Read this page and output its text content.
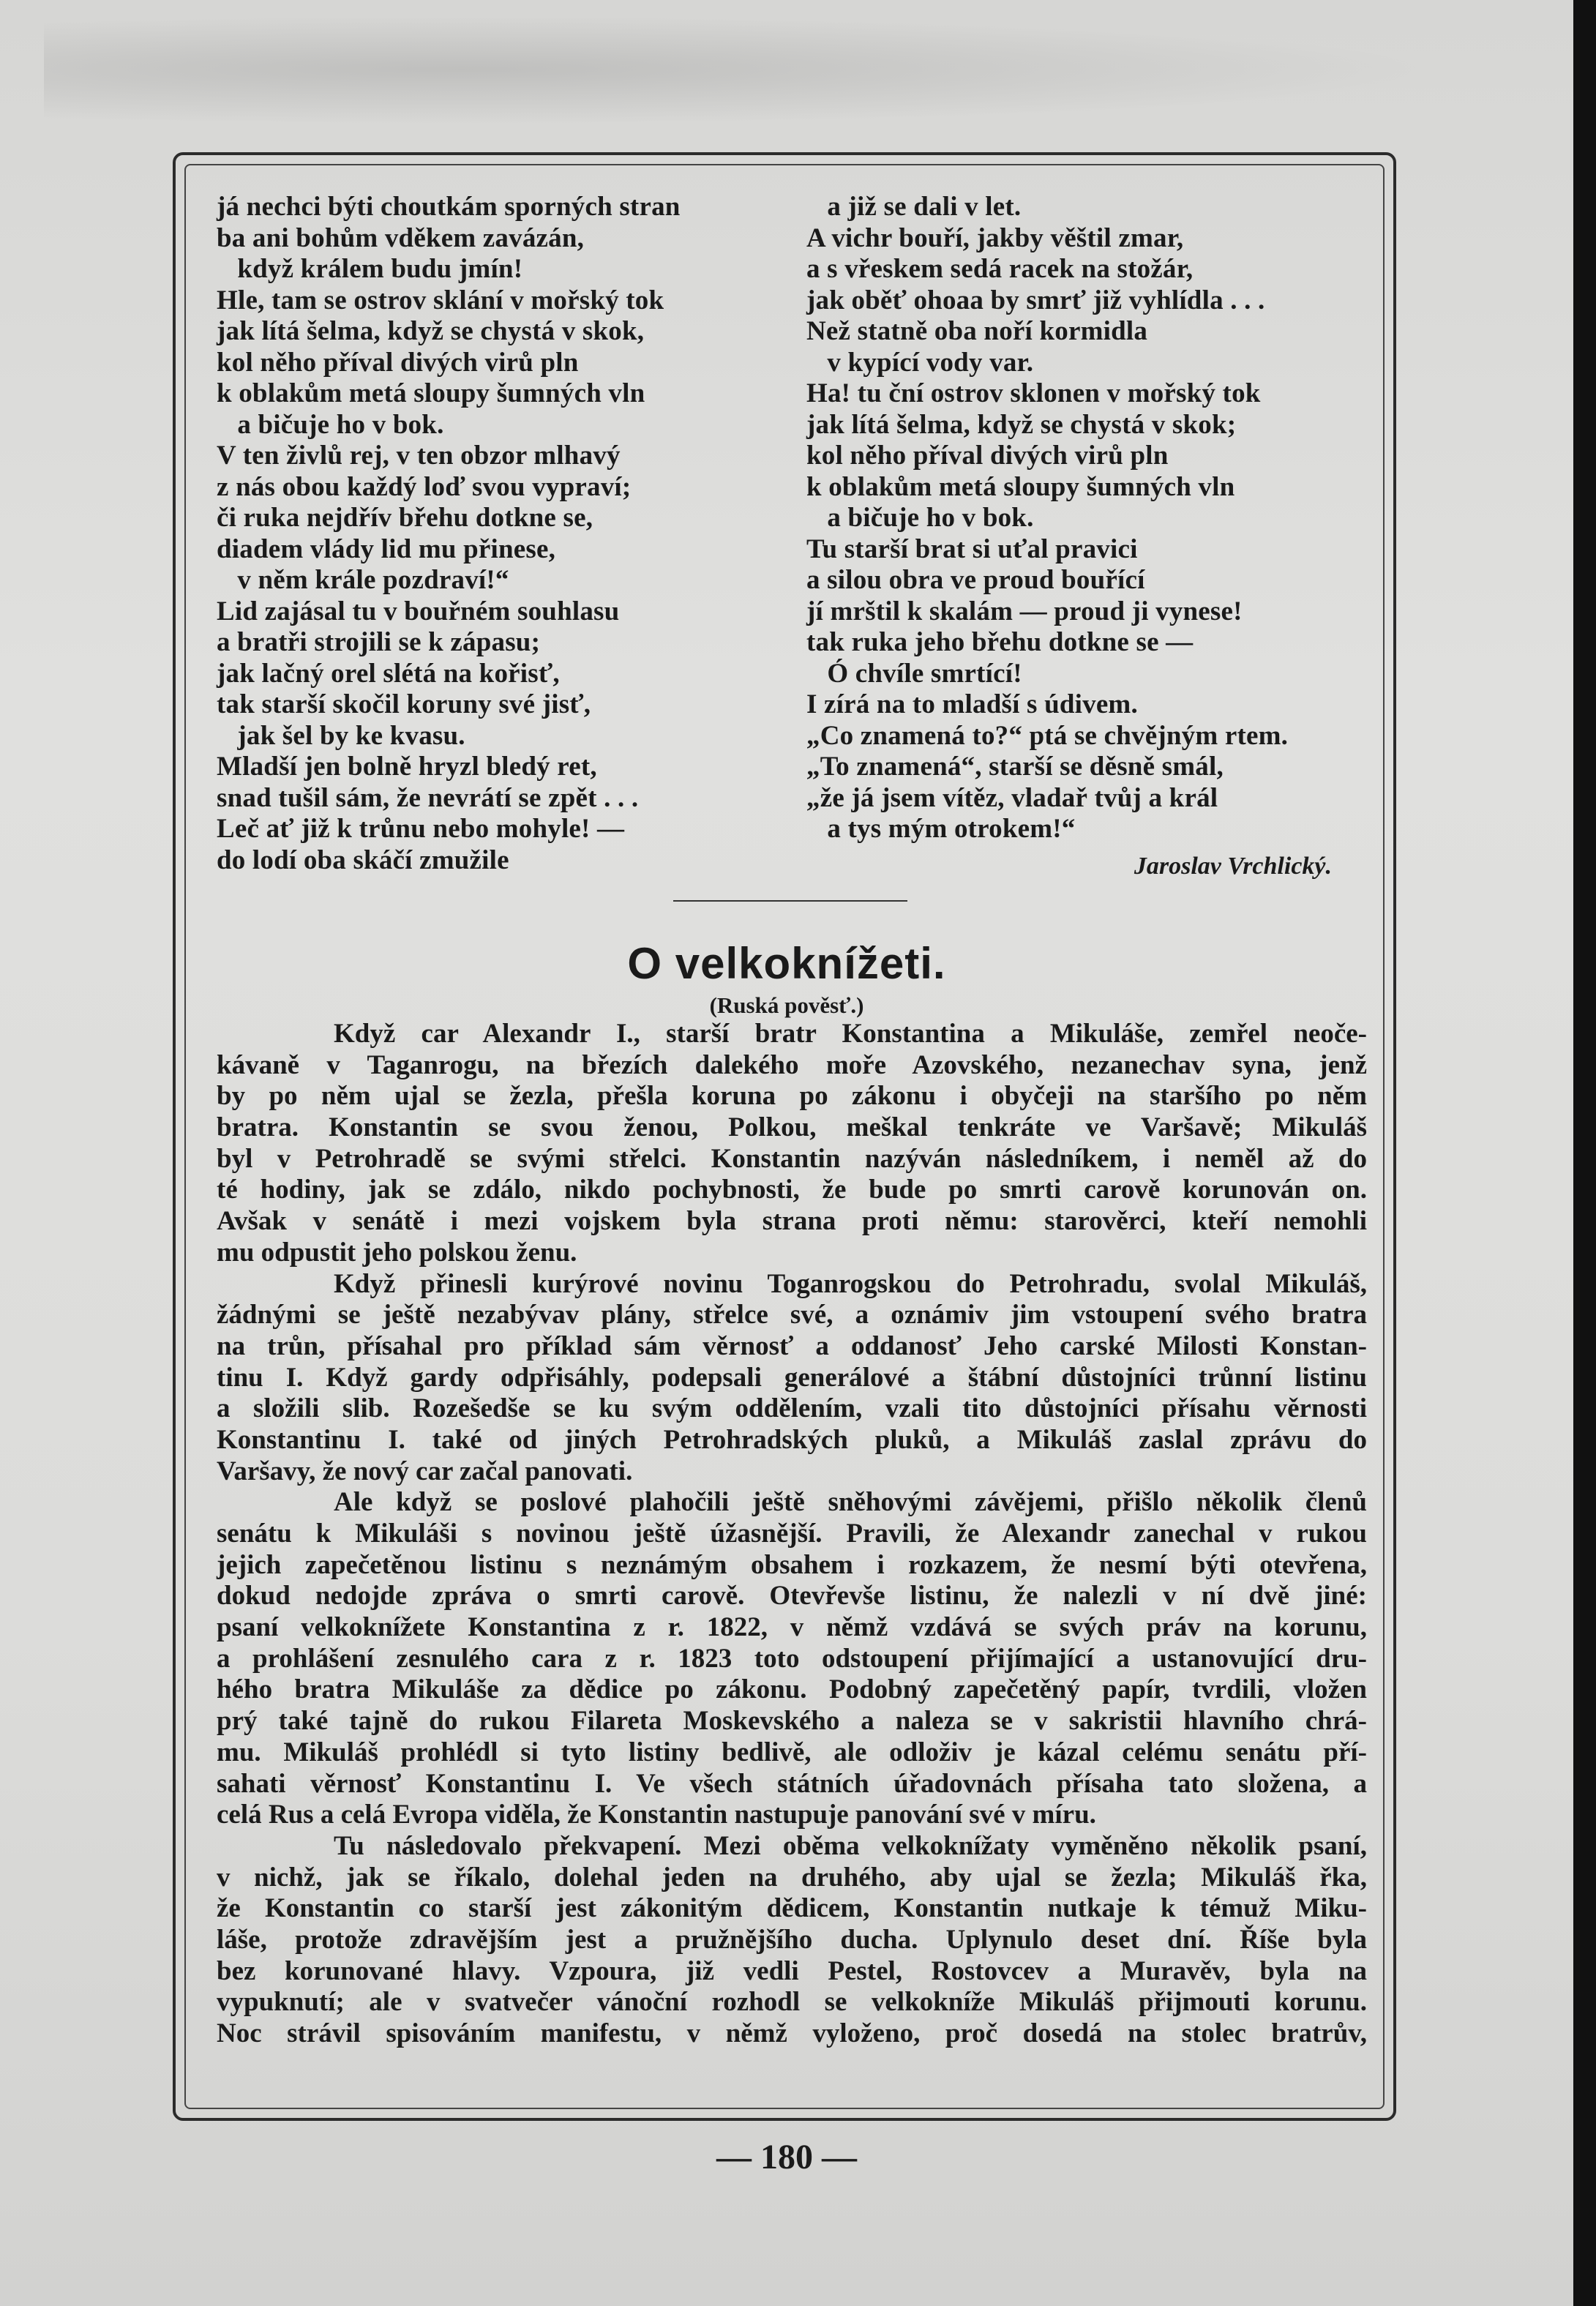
já nechci býti choutkám sporných stran
ba ani bohům vděkem zavázán,
když králem budu jmín!
Hle, tam se ostrov sklání v mořský tok
jak lítá šelma, když se chystá v skok,
kol něho příval divých virů pln
k oblakům metá sloupy šumných vln
a bičuje ho v bok.
V ten živlů rej, v ten obzor mlhavý
z nás obou každý loď svou vypraví;
či ruka nejdřív břehu dotkne se,
diadem vlády lid mu přinese,
v něm krále pozdraví!“
Lid zajásal tu v bouřném souhlasu
a bratři strojili se k zápasu;
jak lačný orel slétá na kořisť,
tak starší skočil koruny své jisť,
jak šel by ke kvasu.
Mladší jen bolně hryzl bledý ret,
snad tušil sám, že nevrátí se zpět . . .
Leč ať již k trůnu nebo mohyle! —
do lodí oba skáčí zmužile
a již se dali v let.
A vichr bouří, jakby věštil zmar,
a s vřeskem sedá racek na stožár,
jak oběť ohoaa by smrť již vyhlídla . . .
Než statně oba noří kormidla
v kypící vody var.
Ha! tu ční ostrov sklonen v mořský tok
jak lítá šelma, když se chystá v skok;
kol něho příval divých virů pln
k oblakům metá sloupy šumných vln
a bičuje ho v bok.
Tu starší brat si uťal pravici
a silou obra ve proud bouřící
jí mrštil k skalám — proud ji vynese!
tak ruka jeho břehu dotkne se —
Ó chvíle smrtící!
I zírá na to mladší s údivem.
„Co znamená to?“ ptá se chvějným rtem.
„To znamená“, starší se děsně smál,
„že já jsem vítěz, vladař tvůj a král
a tys mým otrokem!“
Jaroslav Vrchlický.
O velkoknížeti.
(Ruská pověsť.)
Když car Alexandr I., starší bratr Konstantina a Mikuláše, zemřel neoče-
kávaně v Taganrogu, na březích dalekého moře Azovského, nezanechav syna, jenž
by po něm ujal se žezla, přešla koruna po zákonu i obyčeji na staršího po něm
bratra. Konstantin se svou ženou, Polkou, meškal tenkráte ve Varšavě; Mikuláš
byl v Petrohradě se svými střelci. Konstantin nazýván následníkem, i neměl až do
té hodiny, jak se zdálo, nikdo pochybnosti, že bude po smrti carově korunován on.
Avšak v senátě i mezi vojskem byla strana proti němu: starověrci, kteří nemohli
mu odpustit jeho polskou ženu.
Když přinesli kurýrové novinu Toganrogskou do Petrohradu, svolal Mikuláš,
žádnými se ještě nezabývav plány, střelce své, a oznámiv jim vstoupení svého bratra
na trůn, přísahal pro příklad sám věrnosť a oddanosť Jeho carské Milosti Konstan-
tinu I. Když gardy odpřisáhly, podepsali generálové a štábní důstojníci trůnní listinu
a složili slib. Rozešedše se ku svým oddělením, vzali tito důstojníci přísahu věrnosti
Konstantinu I. také od jiných Petrohradských pluků, a Mikuláš zaslal zprávu do
Varšavy, že nový car začal panovati.
Ale když se poslové plahočili ještě sněhovými závějemi, přišlo několik členů
senátu k Mikuláši s novinou ještě úžasnější. Pravili, že Alexandr zanechal v rukou
jejich zapečetěnou listinu s neznámým obsahem i rozkazem, že nesmí býti otevřena,
dokud nedojde zpráva o smrti carově. Otevřevše listinu, že nalezli v ní dvě jiné:
psaní velkoknížete Konstantina z r. 1822, v němž vzdává se svých práv na korunu,
a prohlášení zesnulého cara z r. 1823 toto odstoupení přijímající a ustanovující dru-
hého bratra Mikuláše za dědice po zákonu. Podobný zapečetěný papír, tvrdili, vložen
prý také tajně do rukou Filareta Moskevského a naleza se v sakristii hlavního chrá-
mu. Mikuláš prohlédl si tyto listiny bedlivě, ale odloživ je kázal celému senátu pří-
sahati věrnosť Konstantinu I. Ve všech státních úřadovnách přísaha tato složena, a
celá Rus a celá Evropa viděla, že Konstantin nastupuje panování své v míru.
Tu následovalo překvapení. Mezi oběma velkoknížaty vyměněno několik psaní,
v nichž, jak se říkalo, dolehal jeden na druhého, aby ujal se žezla; Mikuláš řka,
že Konstantin co starší jest zákonitým dědicem, Konstantin nutkaje k témuž Miku-
láše, protože zdravějším jest a pružnějšího ducha. Uplynulo deset dní. Říše byla
bez korunované hlavy. Vzpoura, již vedli Pestel, Rostovcev a Muravěv, byla na
vypuknutí; ale v svatvečer vánoční rozhodl se velkokníže Mikuláš přijmouti korunu.
Noc strávil spisováním manifestu, v němž vyloženo, proč dosedá na stolec bratrův,
— 180 —
